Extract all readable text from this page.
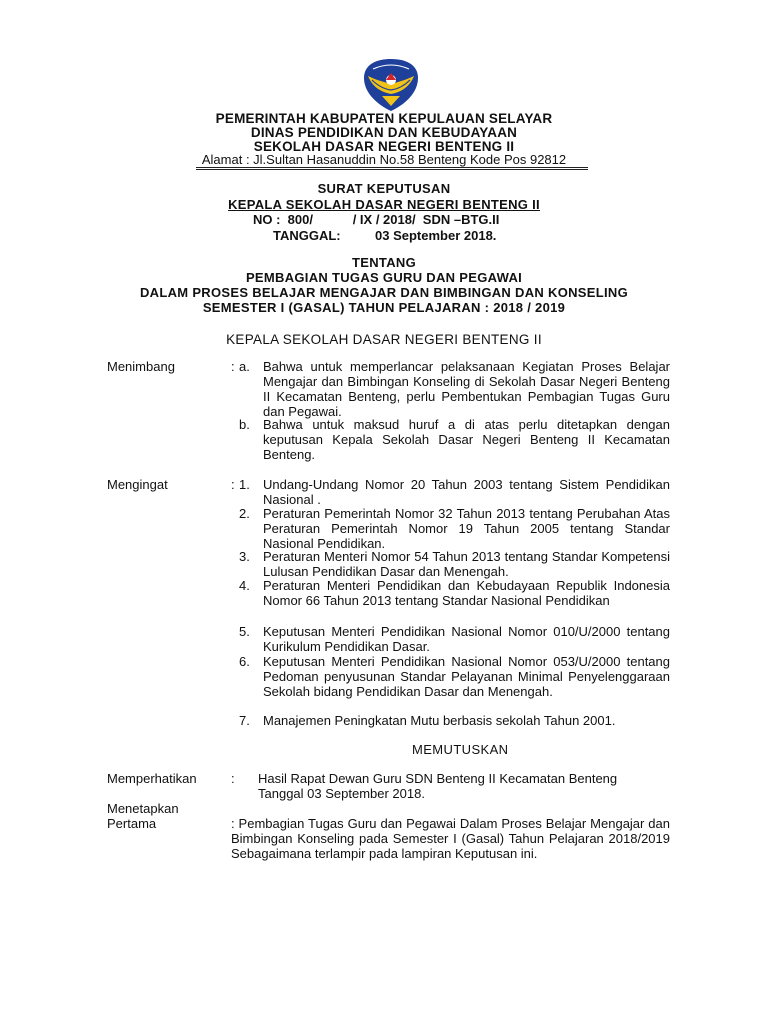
PEMERINTAH KABUPATEN KEPULAUAN SELAYAR
DINAS PENDIDIKAN DAN KEBUDAYAAN
SEKOLAH DASAR NEGERI BENTENG II
Alamat : Jl.Sultan Hasanuddin No.58 Benteng Kode Pos 92812
SURAT KEPUTUSAN
KEPALA SEKOLAH DASAR NEGERI BENTENG II
NO :  800/           / IX / 2018/  SDN –BTG.II
TANGGAL:	03 September 2018.
TENTANG
PEMBAGIAN TUGAS GURU DAN PEGAWAI
DALAM PROSES BELAJAR MENGAJAR DAN BIMBINGAN DAN KONSELING
SEMESTER I (GASAL) TAHUN PELAJARAN : 2018 / 2019
KEPALA SEKOLAH DASAR NEGERI BENTENG II
Menimbang	: a.	Bahwa untuk memperlancar pelaksanaan Kegiatan Proses Belajar Mengajar dan Bimbingan Konseling di Sekolah Dasar Negeri Benteng II Kecamatan Benteng, perlu Pembentukan Pembagian Tugas Guru dan Pegawai.
b.	Bahwa untuk maksud huruf a di atas perlu ditetapkan dengan keputusan Kepala Sekolah Dasar Negeri Benteng II Kecamatan Benteng.
Mengingat	: 1.	Undang-Undang Nomor 20 Tahun 2003 tentang Sistem Pendidikan Nasional .
2.	Peraturan Pemerintah Nomor 32 Tahun 2013 tentang Perubahan Atas Peraturan Pemerintah Nomor 19 Tahun 2005 tentang Standar Nasional Pendidikan.
3.	Peraturan Menteri Nomor 54 Tahun 2013 tentang Standar Kompetensi Lulusan Pendidikan Dasar dan Menengah.
4.	Peraturan Menteri Pendidikan dan Kebudayaan Republik Indonesia Nomor 66 Tahun 2013 tentang Standar Nasional Pendidikan
5.	Keputusan Menteri Pendidikan Nasional Nomor 010/U/2000 tentang Kurikulum Pendidikan Dasar.
6.	Keputusan Menteri Pendidikan Nasional Nomor 053/U/2000 tentang Pedoman penyusunan Standar Pelayanan Minimal Penyelenggaraan Sekolah bidang Pendidikan Dasar dan Menengah.
7.	Manajemen Peningkatan Mutu berbasis sekolah Tahun 2001.
MEMUTUSKAN
Memperhatikan	: Hasil Rapat Dewan Guru SDN Benteng II Kecamatan Benteng Tanggal 03 September 2018.
Menetapkan
Pertama	: Pembagian Tugas Guru dan Pegawai Dalam Proses Belajar Mengajar dan Bimbingan Konseling pada Semester I (Gasal) Tahun Pelajaran 2018/2019 Sebagaimana terlampir pada lampiran Keputusan ini.
